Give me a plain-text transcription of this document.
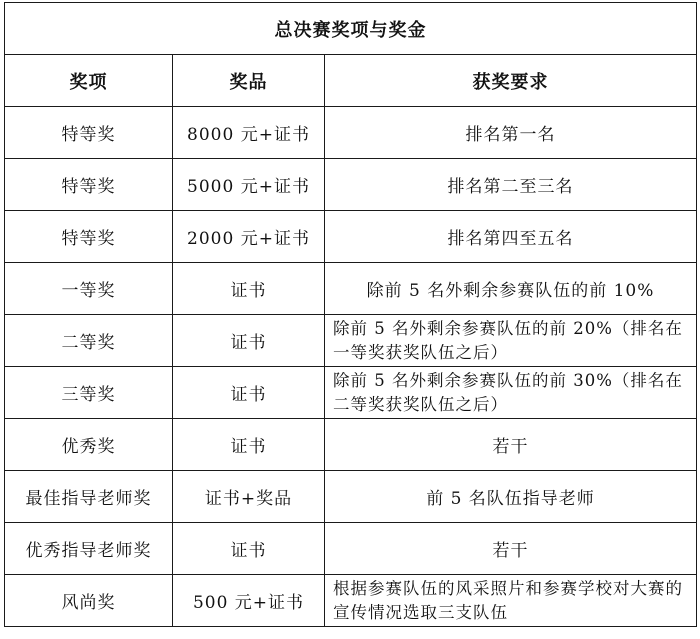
总决赛奖项与奖金		
奖项	奖品	获奖要求
特等奖	8000 元+证书	排名第一名
特等奖	5000 元+证书	排名第二至三名
特等奖	2000 元+证书	排名第四至五名
一等奖	证书	除前 5 名外剩余参赛队伍的前 10%
二等奖	证书	除前 5 名外剩余参赛队伍的前 20%（排名在一等奖获奖队伍之后）
三等奖	证书	除前 5 名外剩余参赛队伍的前 30%（排名在二等奖获奖队伍之后）
优秀奖	证书	若干
最佳指导老师奖	证书+奖品	前 5 名队伍指导老师
优秀指导老师奖	证书	若干
风尚奖	500 元+证书	根据参赛队伍的风采照片和参赛学校对大赛的宣传情况选取三支队伍
